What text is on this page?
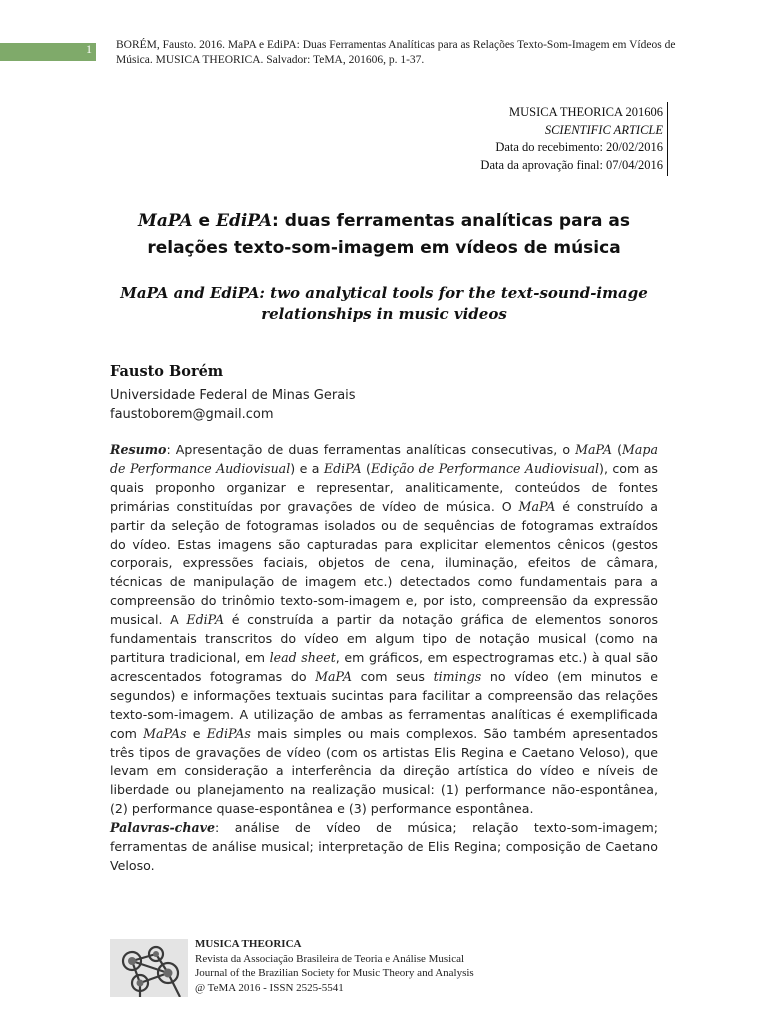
1 BORÉM, Fausto. 2016. MaPA e EdiPA: Duas Ferramentas Analíticas para as Relações Texto-Som-Imagem em Vídeos de Música. MUSICA THEORICA. Salvador: TeMA, 201606, p. 1-37.
MUSICA THEORICA 201606
SCIENTIFIC ARTICLE
Data do recebimento: 20/02/2016
Data da aprovação final: 07/04/2016
MaPA e EdiPA: duas ferramentas analíticas para as
relações texto-som-imagem em vídeos de música
MaPA and EdiPA: two analytical tools for the text-sound-image relationships in music videos
Fausto Borém
Universidade Federal de Minas Gerais
faustoborem@gmail.com

Resumo: Apresentação de duas ferramentas analíticas consecutivas, o MaPA (Mapa de Performance Audiovisual) e a EdiPA (Edição de Performance Audiovisual), com as quais proponho organizar e representar, analiticamente, conteúdos de fontes primárias constituídas por gravações de vídeo de música. O MaPA é construído a partir da seleção de fotogramas isolados ou de sequências de fotogramas extraídos do vídeo. Estas imagens são capturadas para explicitar elementos cênicos (gestos corporais, expressões faciais, objetos de cena, iluminação, efeitos de câmara, técnicas de manipulação de imagem etc.) detectados como fundamentais para a compreensão do trinômio texto-som-imagem e, por isto, compreensão da expressão musical. A EdiPA é construída a partir da notação gráfica de elementos sonoros fundamentais transcritos do vídeo em algum tipo de notação musical (como na partitura tradicional, em lead sheet, em gráficos, em espectrogramas etc.) à qual são acrescentados fotogramas do MaPA com seus timings no vídeo (em minutos e segundos) e informações textuais sucintas para facilitar a compreensão das relações texto-som-imagem. A utilização de ambas as ferramentas analíticas é exemplificada com MaPAs e EdiPAs mais simples ou mais complexos. São também apresentados três tipos de gravações de vídeo (com os artistas Elis Regina e Caetano Veloso), que levam em consideração a interferência da direção artística do vídeo e níveis de liberdade ou planejamento na realização musical: (1) performance não-espontânea, (2) performance quase-espontânea e (3) performance espontânea.

Palavras-chave: análise de vídeo de música; relação texto-som-imagem; ferramentas de análise musical; interpretação de Elis Regina; composição de Caetano Veloso.

MUSICA THEORICA
Revista da Associação Brasileira de Teoria e Análise Musical
Journal of the Brazilian Society for Music Theory and Analysis
@ TeMA 2016 - ISSN 2525-5541
